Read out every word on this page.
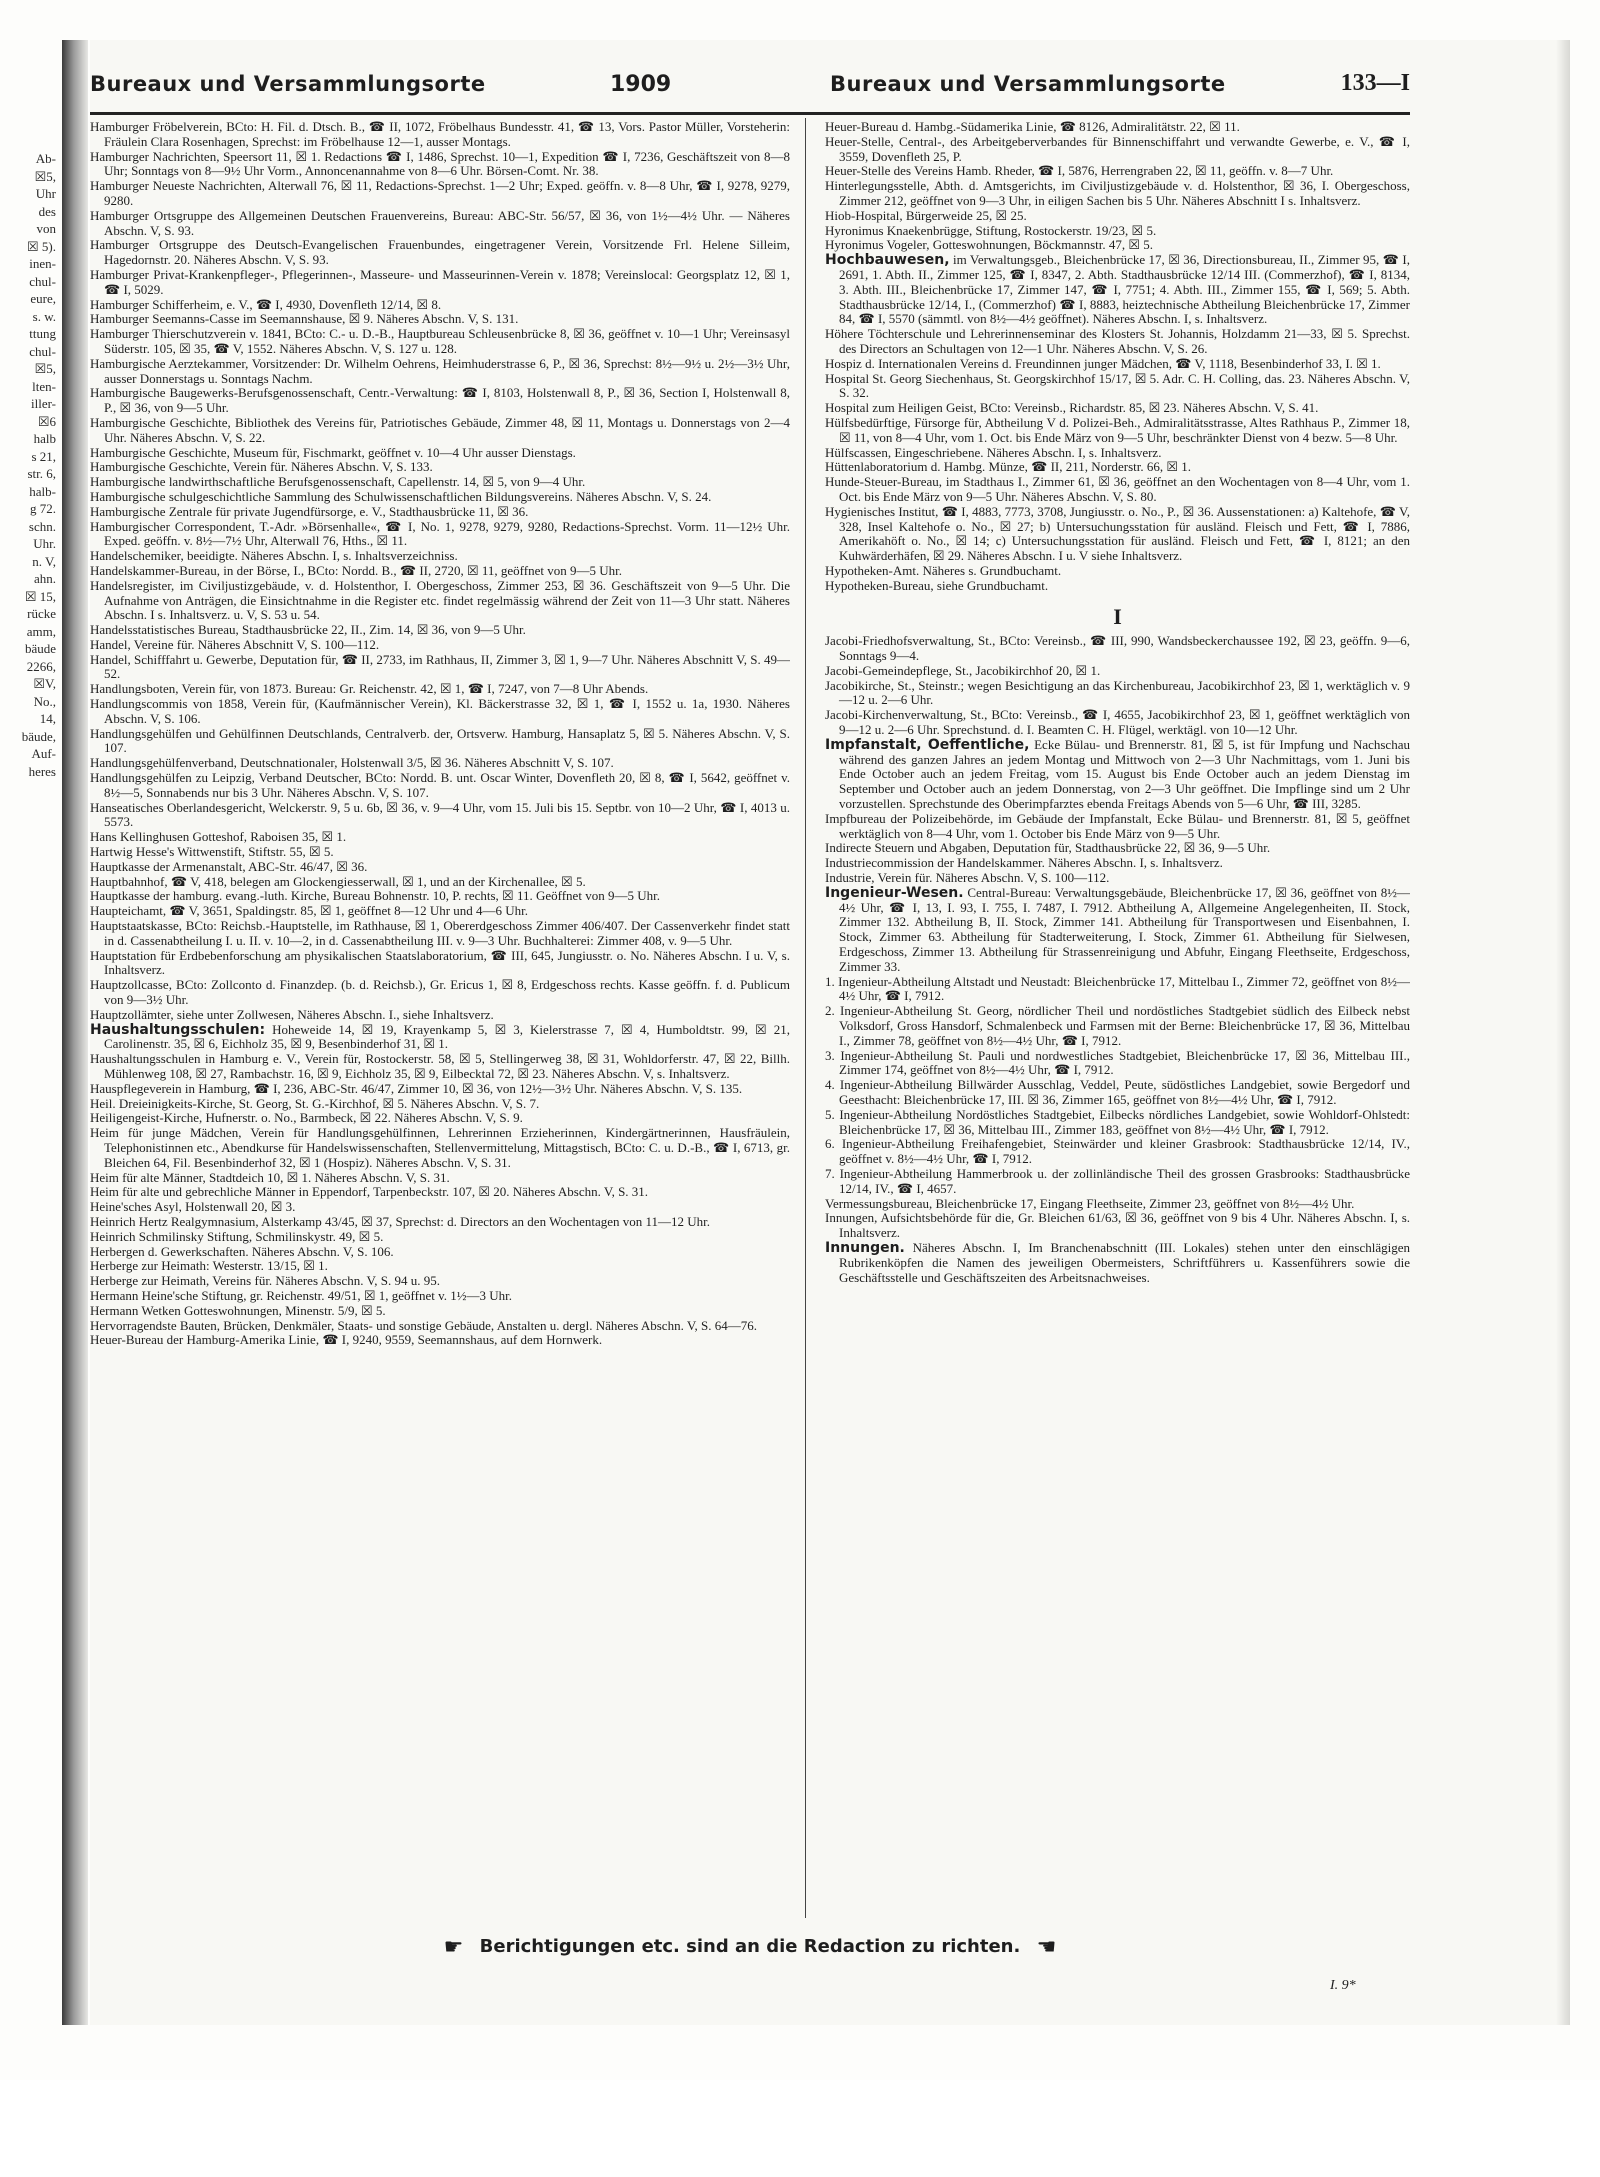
Ab-
☒5,
Uhr
des
von
☒ 5).
inen-
chul-
eure,
s. w.
ttung
chul-
☒5,
lten-
iller-
☒6
halb
s 21,
str. 6,
halb-
g 72.
schn.
Uhr.
n. V,
ahn.
☒ 15,
rücke
amm,
bäude
2266,
☒V,
No.,
14,
bäude,
Auf-
heres
Bureaux und Versammlungsorte	1909	Bureaux und Versammlungsorte	133—I

Hamburger Fröbelverein, BCto: H. Fil. d. Dtsch. B., ☎ II, 1072, Fröbelhaus Bundesstr. 41, ☎ 13, Vors. Pastor Müller, Vorsteherin: Fräulein Clara Rosenhagen, Sprechst: im Fröbelhause 12—1, ausser Montags.

Hamburger Nachrichten, Speersort 11, ☒ 1. Redactions ☎ I, 1486, Sprechst. 10—1, Expedition ☎ I, 7236, Geschäftszeit von 8—8 Uhr; Sonntags von 8—9½ Uhr Vorm., Annoncenannahme von 8—6 Uhr. Börsen-Comt. Nr. 38.

Hamburger Neueste Nachrichten, Alterwall 76, ☒ 11, Redactions-Sprechst. 1—2 Uhr; Exped. geöffn. v. 8—8 Uhr, ☎ I, 9278, 9279, 9280.

Hamburger Ortsgruppe des Allgemeinen Deutschen Frauenvereins, Bureau: ABC-Str. 56/57, ☒ 36, von 1½—4½ Uhr. — Näheres Abschn. V, S. 93.

Hamburger Ortsgruppe des Deutsch-Evangelischen Frauenbundes, eingetragener Verein, Vorsitzende Frl. Helene Silleim, Hagedornstr. 20. Näheres Abschn. V, S. 93.

Hamburger Privat-Krankenpfleger-, Pflegerinnen-, Masseure- und Masseurinnen-Verein v. 1878; Vereinslocal: Georgsplatz 12, ☒ 1, ☎ I, 5029.

Hamburger Schifferheim, e. V., ☎ I, 4930, Dovenfleth 12/14, ☒ 8.

Hamburger Seemanns-Casse im Seemannshause, ☒ 9. Näheres Abschn. V, S. 131.

Hamburger Thierschutzverein v. 1841, BCto: C.- u. D.-B., Hauptbureau Schleusenbrücke 8, ☒ 36, geöffnet v. 10—1 Uhr; Vereinsasyl Süderstr. 105, ☒ 35, ☎ V, 1552. Näheres Abschn. V, S. 127 u. 128.

Hamburgische Aerztekammer, Vorsitzender: Dr. Wilhelm Oehrens, Heimhuderstrasse 6, P., ☒ 36, Sprechst: 8½—9½ u. 2½—3½ Uhr, ausser Donnerstags u. Sonntags Nachm.

Hamburgische Baugewerks-Berufsgenossenschaft, Centr.-Verwaltung: ☎ I, 8103, Holstenwall 8, P., ☒ 36, Section I, Holstenwall 8, P., ☒ 36, von 9—5 Uhr.

Hamburgische Geschichte, Bibliothek des Vereins für, Patriotisches Gebäude, Zimmer 48, ☒ 11, Montags u. Donnerstags von 2—4 Uhr. Näheres Abschn. V, S. 22.

Hamburgische Geschichte, Museum für, Fischmarkt, geöffnet v. 10—4 Uhr ausser Dienstags.

Hamburgische Geschichte, Verein für. Näheres Abschn. V, S. 133.

Hamburgische landwirthschaftliche Berufsgenossenschaft, Capellenstr. 14, ☒ 5, von 9—4 Uhr.

Hamburgische schulgeschichtliche Sammlung des Schulwissenschaftlichen Bildungsvereins. Näheres Abschn. V, S. 24.

Hamburgische Zentrale für private Jugendfürsorge, e. V., Stadthausbrücke 11, ☒ 36.

Hamburgischer Correspondent, T.-Adr. »Börsenhalle«, ☎ I, No. 1, 9278, 9279, 9280, Redactions-Sprechst. Vorm. 11—12½ Uhr. Exped. geöffn. v. 8½—7½ Uhr, Alterwall 76, Hths., ☒ 11.

Handelschemiker, beeidigte. Näheres Abschn. I, s. Inhaltsverzeichniss.

Handelskammer-Bureau, in der Börse, I., BCto: Nordd. B., ☎ II, 2720, ☒ 11, geöffnet von 9—5 Uhr.

Handelsregister, im Civiljustizgebäude, v. d. Holstenthor, I. Obergeschoss, Zimmer 253, ☒ 36. Geschäftszeit von 9—5 Uhr. Die Aufnahme von Anträgen, die Einsichtnahme in die Register etc. findet regelmässig während der Zeit von 11—3 Uhr statt. Näheres Abschn. I s. Inhaltsverz. u. V, S. 53 u. 54.

Handelsstatistisches Bureau, Stadthausbrücke 22, II., Zim. 14, ☒ 36, von 9—5 Uhr.

Handel, Vereine für. Näheres Abschnitt V, S. 100—112.

Handel, Schifffahrt u. Gewerbe, Deputation für, ☎ II, 2733, im Rathhaus, II, Zimmer 3, ☒ 1, 9—7 Uhr. Näheres Abschnitt V, S. 49—52.

Handlungsboten, Verein für, von 1873. Bureau: Gr. Reichenstr. 42, ☒ 1, ☎ I, 7247, von 7—8 Uhr Abends.

Handlungscommis von 1858, Verein für, (Kaufmännischer Verein), Kl. Bäckerstrasse 32, ☒ 1, ☎ I, 1552 u. 1a, 1930. Näheres Abschn. V, S. 106.

Handlungsgehülfen und Gehülfinnen Deutschlands, Centralverb. der, Ortsverw. Hamburg, Hansaplatz 5, ☒ 5. Näheres Abschn. V, S. 107.

Handlungsgehülfenverband, Deutschnationaler, Holstenwall 3/5, ☒ 36. Näheres Abschnitt V, S. 107.

Handlungsgehülfen zu Leipzig, Verband Deutscher, BCto: Nordd. B. unt. Oscar Winter, Dovenfleth 20, ☒ 8, ☎ I, 5642, geöffnet v. 8½—5, Sonnabends nur bis 3 Uhr. Näheres Abschn. V, S. 107.

Hanseatisches Oberlandesgericht, Welckerstr. 9, 5 u. 6b, ☒ 36, v. 9—4 Uhr, vom 15. Juli bis 15. Septbr. von 10—2 Uhr, ☎ I, 4013 u. 5573.

Hans Kellinghusen Gotteshof, Raboisen 35, ☒ 1.

Hartwig Hesse's Wittwenstift, Stiftstr. 55, ☒ 5.

Hauptkasse der Armenanstalt, ABC-Str. 46/47, ☒ 36.

Hauptbahnhof, ☎ V, 418, belegen am Glockengiesserwall, ☒ 1, und an der Kirchenallee, ☒ 5.

Hauptkasse der hamburg. evang.-luth. Kirche, Bureau Bohnenstr. 10, P. rechts, ☒ 11. Geöffnet von 9—5 Uhr.

Haupteichamt, ☎ V, 3651, Spaldingstr. 85, ☒ 1, geöffnet 8—12 Uhr und 4—6 Uhr.

Hauptstaatskasse, BCto: Reichsb.-Hauptstelle, im Rathhause, ☒ 1, Obererdgeschoss Zimmer 406/407. Der Cassenverkehr findet statt in d. Cassenabtheilung I. u. II. v. 10—2, in d. Cassenabtheilung III. v. 9—3 Uhr. Buchhalterei: Zimmer 408, v. 9—5 Uhr.

Hauptstation für Erdbebenforschung am physikalischen Staatslaboratorium, ☎ III, 645, Jungiusstr. o. No. Näheres Abschn. I u. V, s. Inhaltsverz.

Hauptzollcasse, BCto: Zollconto d. Finanzdep. (b. d. Reichsb.), Gr. Ericus 1, ☒ 8, Erdgeschoss rechts. Kasse geöffn. f. d. Publicum von 9—3½ Uhr.

Hauptzollämter, siehe unter Zollwesen, Näheres Abschn. I., siehe Inhaltsverz.

Haushaltungsschulen: Hoheweide 14, ☒ 19, Krayenkamp 5, ☒ 3, Kielerstrasse 7, ☒ 4, Humboldtstr. 99, ☒ 21, Carolinenstr. 35, ☒ 6, Eichholz 35, ☒ 9, Besenbinderhof 31, ☒ 1.

Haushaltungsschulen in Hamburg e. V., Verein für, Rostockerstr. 58, ☒ 5, Stellingerweg 38, ☒ 31, Wohldorferstr. 47, ☒ 22, Billh. Mühlenweg 108, ☒ 27, Rambachstr. 16, ☒ 9, Eichholz 35, ☒ 9, Eilbecktal 72, ☒ 23. Näheres Abschn. V, s. Inhaltsverz.

Hauspflegeverein in Hamburg, ☎ I, 236, ABC-Str. 46/47, Zimmer 10, ☒ 36, von 12½—3½ Uhr. Näheres Abschn. V, S. 135.

Heil. Dreieinigkeits-Kirche, St. Georg, St. G.-Kirchhof, ☒ 5. Näheres Abschn. V, S. 7.

Heiligengeist-Kirche, Hufnerstr. o. No., Barmbeck, ☒ 22. Näheres Abschn. V, S. 9.

Heim für junge Mädchen, Verein für Handlungsgehülfinnen, Lehrerinnen Erzieherinnen, Kindergärtnerinnen, Hausfräulein, Telephonistinnen etc., Abendkurse für Handelswissenschaften, Stellenvermittelung, Mittagstisch, BCto: C. u. D.-B., ☎ I, 6713, gr. Bleichen 64, Fil. Besenbinderhof 32, ☒ 1 (Hospiz). Näheres Abschn. V, S. 31.

Heim für alte Männer, Stadtdeich 10, ☒ 1. Näheres Abschn. V, S. 31.

Heim für alte und gebrechliche Männer in Eppendorf, Tarpenbeckstr. 107, ☒ 20. Näheres Abschn. V, S. 31.

Heine'sches Asyl, Holstenwall 20, ☒ 3.

Heinrich Hertz Realgymnasium, Alsterkamp 43/45, ☒ 37, Sprechst: d. Directors an den Wochentagen von 11—12 Uhr.

Heinrich Schmilinsky Stiftung, Schmilinskystr. 49, ☒ 5.

Herbergen d. Gewerkschaften. Näheres Abschn. V, S. 106.

Herberge zur Heimath: Westerstr. 13/15, ☒ 1.

Herberge zur Heimath, Vereins für. Näheres Abschn. V, S. 94 u. 95.

Hermann Heine'sche Stiftung, gr. Reichenstr. 49/51, ☒ 1, geöffnet v. 1½—3 Uhr.

Hermann Wetken Gotteswohnungen, Minenstr. 5/9, ☒ 5.

Hervorragendste Bauten, Brücken, Denkmäler, Staats- und sonstige Gebäude, Anstalten u. dergl. Näheres Abschn. V, S. 64—76.

Heuer-Bureau der Hamburg-Amerika Linie, ☎ I, 9240, 9559, Seemannshaus, auf dem Hornwerk.

Heuer-Bureau d. Hambg.-Südamerika Linie, ☎ 8126, Admiralitätstr. 22, ☒ 11.

Heuer-Stelle, Central-, des Arbeitgeberverbandes für Binnenschiffahrt und verwandte Gewerbe, e. V., ☎ I, 3559, Dovenfleth 25, P.

Heuer-Stelle des Vereins Hamb. Rheder, ☎ I, 5876, Herrengraben 22, ☒ 11, geöffn. v. 8—7 Uhr.

Hinterlegungsstelle, Abth. d. Amtsgerichts, im Civiljustizgebäude v. d. Holstenthor, ☒ 36, I. Obergeschoss, Zimmer 212, geöffnet von 9—3 Uhr, in eiligen Sachen bis 5 Uhr. Näheres Abschnitt I s. Inhaltsverz.

Hiob-Hospital, Bürgerweide 25, ☒ 25.

Hyronimus Knaekenbrügge, Stiftung, Rostockerstr. 19/23, ☒ 5.

Hyronimus Vogeler, Gotteswohnungen, Böckmannstr. 47, ☒ 5.

Hochbauwesen, im Verwaltungsgeb., Bleichenbrücke 17, ☒ 36, Directionsbureau, II., Zimmer 95, ☎ I, 2691, 1. Abth. II., Zimmer 125, ☎ I, 8347, 2. Abth. Stadthausbrücke 12/14 III. (Commerzhof), ☎ I, 8134, 3. Abth. III., Bleichenbrücke 17, Zimmer 147, ☎ I, 7751; 4. Abth. III., Zimmer 155, ☎ I, 569; 5. Abth. Stadthausbrücke 12/14, I., (Commerzhof) ☎ I, 8883, heiztechnische Abtheilung Bleichenbrücke 17, Zimmer 84, ☎ I, 5570 (sämmtl. von 8½—4½ geöffnet). Näheres Abschn. I, s. Inhaltsverz.

Höhere Töchterschule und Lehrerinnenseminar des Klosters St. Johannis, Holzdamm 21—33, ☒ 5. Sprechst. des Directors an Schultagen von 12—1 Uhr. Näheres Abschn. V, S. 26.

Hospiz d. Internationalen Vereins d. Freundinnen junger Mädchen, ☎ V, 1118, Besenbinderhof 33, I. ☒ 1.

Hospital St. Georg Siechenhaus, St. Georgskirchhof 15/17, ☒ 5. Adr. C. H. Colling, das. 23. Näheres Abschn. V, S. 32.

Hospital zum Heiligen Geist, BCto: Vereinsb., Richardstr. 85, ☒ 23. Näheres Abschn. V, S. 41.

Hülfsbedürftige, Fürsorge für, Abtheilung V d. Polizei-Beh., Admiralitätsstrasse, Altes Rathhaus P., Zimmer 18, ☒ 11, von 8—4 Uhr, vom 1. Oct. bis Ende März von 9—5 Uhr, beschränkter Dienst von 4 bezw. 5—8 Uhr.

Hülfscassen, Eingeschriebene. Näheres Abschn. I, s. Inhaltsverz.

Hüttenlaboratorium d. Hambg. Münze, ☎ II, 211, Norderstr. 66, ☒ 1.

Hunde-Steuer-Bureau, im Stadthaus I., Zimmer 61, ☒ 36, geöffnet an den Wochentagen von 8—4 Uhr, vom 1. Oct. bis Ende März von 9—5 Uhr. Näheres Abschn. V, S. 80.

Hygienisches Institut, ☎ I, 4883, 7773, 3708, Jungiusstr. o. No., P., ☒ 36. Aussenstationen: a) Kaltehofe, ☎ V, 328, Insel Kaltehofe o. No., ☒ 27; b) Untersuchungsstation für ausländ. Fleisch und Fett, ☎ I, 7886, Amerikahöft o. No., ☒ 14; c) Untersuchungsstation für ausländ. Fleisch und Fett, ☎ I, 8121; an den Kuhwärderhäfen, ☒ 29. Näheres Abschn. I u. V siehe Inhaltsverz.

Hypotheken-Amt. Näheres s. Grundbuchamt.

Hypotheken-Bureau, siehe Grundbuchamt.

I

Jacobi-Friedhofsverwaltung, St., BCto: Vereinsb., ☎ III, 990, Wandsbeckerchaussee 192, ☒ 23, geöffn. 9—6, Sonntags 9—4.

Jacobi-Gemeindepflege, St., Jacobikirchhof 20, ☒ 1.

Jacobikirche, St., Steinstr.; wegen Besichtigung an das Kirchenbureau, Jacobikirchhof 23, ☒ 1, werktäglich v. 9—12 u. 2—6 Uhr.

Jacobi-Kirchenverwaltung, St., BCto: Vereinsb., ☎ I, 4655, Jacobikirchhof 23, ☒ 1, geöffnet werktäglich von 9—12 u. 2—6 Uhr. Sprechstund. d. I. Beamten C. H. Flügel, werktägl. von 10—12 Uhr.

Impfanstalt, Oeffentliche, Ecke Bülau- und Brennerstr. 81, ☒ 5, ist für Impfung und Nachschau während des ganzen Jahres an jedem Montag und Mittwoch von 2—3 Uhr Nachmittags, vom 1. Juni bis Ende October auch an jedem Freitag, vom 15. August bis Ende October auch an jedem Dienstag im September und October auch an jedem Donnerstag, von 2—3 Uhr geöffnet. Die Impflinge sind um 2 Uhr vorzustellen. Sprechstunde des Oberimpfarztes ebenda Freitags Abends von 5—6 Uhr, ☎ III, 3285.

Impfbureau der Polizeibehörde, im Gebäude der Impfanstalt, Ecke Bülau- und Brennerstr. 81, ☒ 5, geöffnet werktäglich von 8—4 Uhr, vom 1. October bis Ende März von 9—5 Uhr.

Indirecte Steuern und Abgaben, Deputation für, Stadthausbrücke 22, ☒ 36, 9—5 Uhr.

Industriecommission der Handelskammer. Näheres Abschn. I, s. Inhaltsverz.

Industrie, Verein für. Näheres Abschn. V, S. 100—112.

Ingenieur-Wesen. Central-Bureau: Verwaltungsgebäude, Bleichenbrücke 17, ☒ 36, geöffnet von 8½—4½ Uhr, ☎ I, 13, I. 93, I. 755, I. 7487, I. 7912. Abtheilung A, Allgemeine Angelegenheiten, II. Stock, Zimmer 132. Abtheilung B, II. Stock, Zimmer 141. Abtheilung für Transportwesen und Eisenbahnen, I. Stock, Zimmer 63. Abtheilung für Stadterweiterung, I. Stock, Zimmer 61. Abtheilung für Sielwesen, Erdgeschoss, Zimmer 13. Abtheilung für Strassenreinigung und Abfuhr, Eingang Fleethseite, Erdgeschoss, Zimmer 33.

1. Ingenieur-Abtheilung Altstadt und Neustadt: Bleichenbrücke 17, Mittelbau I., Zimmer 72, geöffnet von 8½—4½ Uhr, ☎ I, 7912.

2. Ingenieur-Abtheilung St. Georg, nördlicher Theil und nordöstliches Stadtgebiet südlich des Eilbeck nebst Volksdorf, Gross Hansdorf, Schmalenbeck und Farmsen mit der Berne: Bleichenbrücke 17, ☒ 36, Mittelbau I., Zimmer 78, geöffnet von 8½—4½ Uhr, ☎ I, 7912.

3. Ingenieur-Abtheilung St. Pauli und nordwestliches Stadtgebiet, Bleichenbrücke 17, ☒ 36, Mittelbau III., Zimmer 174, geöffnet von 8½—4½ Uhr, ☎ I, 7912.

4. Ingenieur-Abtheilung Billwärder Ausschlag, Veddel, Peute, südöstliches Landgebiet, sowie Bergedorf und Geesthacht: Bleichenbrücke 17, III. ☒ 36, Zimmer 165, geöffnet von 8½—4½ Uhr, ☎ I, 7912.

5. Ingenieur-Abtheilung Nordöstliches Stadtgebiet, Eilbecks nördliches Landgebiet, sowie Wohldorf-Ohlstedt: Bleichenbrücke 17, ☒ 36, Mittelbau III., Zimmer 183, geöffnet von 8½—4½ Uhr, ☎ I, 7912.

6. Ingenieur-Abtheilung Freihafengebiet, Steinwärder und kleiner Grasbrook: Stadthausbrücke 12/14, IV., geöffnet v. 8½—4½ Uhr, ☎ I, 7912.

7. Ingenieur-Abtheilung Hammerbrook u. der zollinländische Theil des grossen Grasbrooks: Stadthausbrücke 12/14, IV., ☎ I, 4657.

Vermessungsbureau, Bleichenbrücke 17, Eingang Fleethseite, Zimmer 23, geöffnet von 8½—4½ Uhr.

Innungen, Aufsichtsbehörde für die, Gr. Bleichen 61/63, ☒ 36, geöffnet von 9 bis 4 Uhr. Näheres Abschn. I, s. Inhaltsverz.

Innungen. Näheres Abschn. I, Im Branchenabschnitt (III. Lokales) stehen unter den einschlägigen Rubrikenköpfen die Namen des jeweiligen Obermeisters, Schriftführers u. Kassenführers sowie die Geschäftsstelle und Geschäftszeiten des Arbeitsnachweises.

☛ Berichtigungen etc. sind an die Redaction zu richten. ☚
I. 9*
